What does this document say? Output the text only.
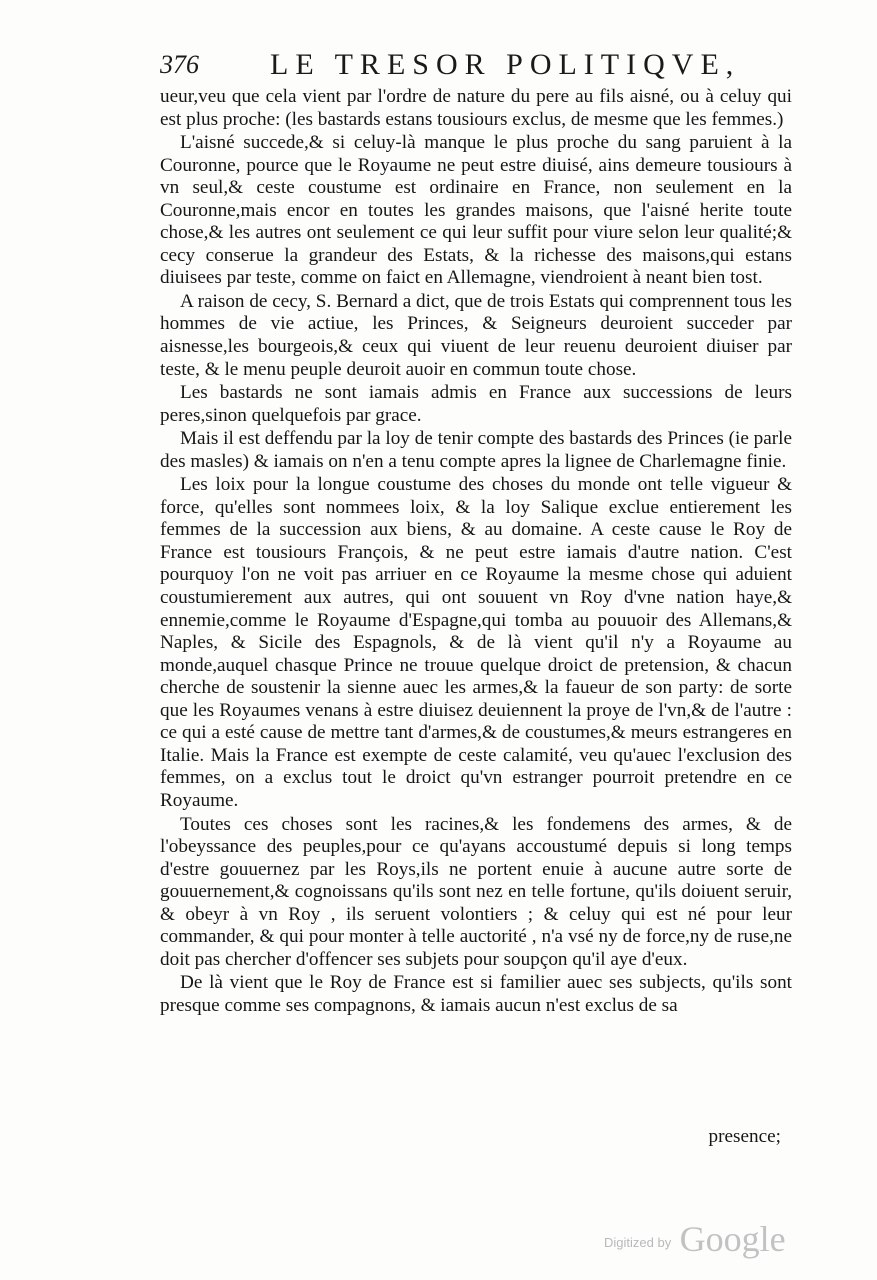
376 LE TRESOR POLITIQVE,

ueur,veu que cela vient par l'ordre de nature du pere au fils aisné, ou à celuy qui est plus proche: (les bastards estans tousiours exclus, de mesme que les femmes.)

L'aisné succede,& si celuy-là manque le plus proche du sang paruient à la Couronne, pource que le Royaume ne peut estre diuisé, ains demeure tousiours à vn seul,& ceste coustume est ordinaire en France, non seulement en la Couronne,mais encor en toutes les grandes maisons, que l'aisné herite toute chose,& les autres ont seulement ce qui leur suffit pour viure selon leur qualité;& cecy conserue la grandeur des Estats, & la richesse des maisons,qui estans diuisees par teste, comme on faict en Allemagne, viendroient à neant bien tost.

A raison de cecy, S. Bernard a dict, que de trois Estats qui comprennent tous les hommes de vie actiue, les Princes, & Seigneurs deuroient succeder par aisnesse,les bourgeois,& ceux qui viuent de leur reuenu deuroient diuiser par teste, & le menu peuple deuroit auoir en commun toute chose.

Les bastards ne sont iamais admis en France aux successions de leurs peres,sinon quelquefois par grace.

Mais il est deffendu par la loy de tenir compte des bastards des Princes (ie parle des masles) & iamais on n'en a tenu compte apres la lignee de Charlemagne finie.

Les loix pour la longue coustume des choses du monde ont telle vigueur & force, qu'elles sont nommees loix, & la loy Salique exclue entierement les femmes de la succession aux biens, & au domaine. A ceste cause le Roy de France est tousiours François, & ne peut estre iamais d'autre nation. C'est pourquoy l'on ne voit pas arriuer en ce Royaume la mesme chose qui aduient coustumierement aux autres, qui ont souuent vn Roy d'vne nation haye,& ennemie,comme le Royaume d'Espagne,qui tomba au pouuoir des Allemans,& Naples, & Sicile des Espagnols, & de là vient qu'il n'y a Royaume au monde,auquel chasque Prince ne trouue quelque droict de pretension, & chacun cherche de soustenir la sienne auec les armes,& la faueur de son party: de sorte que les Royaumes venans à estre diuisez deuiennent la proye de l'vn,& de l'autre : ce qui a esté cause de mettre tant d'armes,& de coustumes,& meurs estrangeres en Italie. Mais la France est exempte de ceste calamité, veu qu'auec l'exclusion des femmes, on a exclus tout le droict qu'vn estranger pourroit pretendre en ce Royaume.

Toutes ces choses sont les racines,& les fondemens des armes, & de l'obeyssance des peuples,pour ce qu'ayans accoustumé depuis si long temps d'estre gouuernez par les Roys,ils ne portent enuie à aucune autre sorte de gouuernement,& cognoissans qu'ils sont nez en telle fortune, qu'ils doiuent seruir, & obeyr à vn Roy , ils seruent volontiers ; & celuy qui est né pour leur commander, & qui pour monter à telle auctorité , n'a vsé ny de force,ny de ruse,ne doit pas chercher d'offencer ses subjets pour soupçon qu'il aye d'eux.

De là vient que le Roy de France est si familier auec ses subjects, qu'ils sont presque comme ses compagnons, & iamais aucun n'est exclus de sa

presence;
$^{Digitized by}$ Google
